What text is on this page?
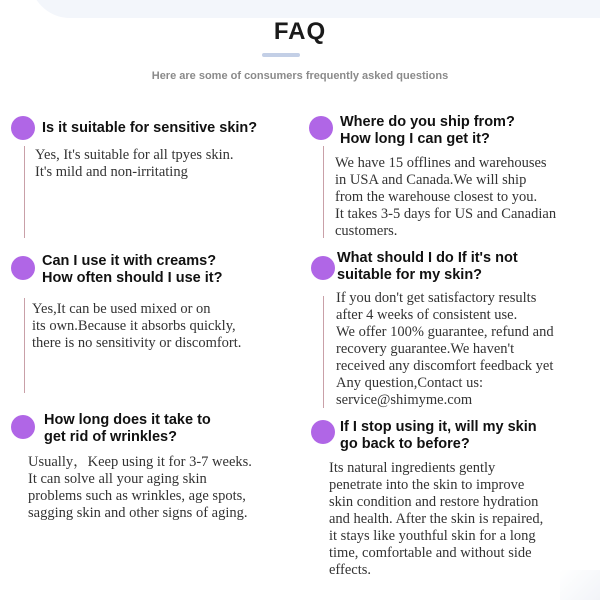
FAQ
Here are some of consumers frequently asked questions
Is it suitable for sensitive skin?
Yes, It's suitable for all tpyes skin.
It's mild and non-irritating
Where do you ship from?
How long I can get it?
We have 15 offlines and warehouses
in USA and Canada.We will ship
from the warehouse closest to you.
It takes 3-5 days for US and Canadian
customers.
Can I use it with creams?
How often should I use it?
Yes,It can be used mixed or on
its own.Because it absorbs quickly,
there is no sensitivity or discomfort.
What should I do If it's not
suitable for my skin?
If you don't get satisfactory results
after 4 weeks of consistent use.
We offer 100% guarantee, refund and
recovery guarantee.We haven't
received any discomfort feedback yet
Any question,Contact us:
service@shimyme.com
How long does it take to
get rid of wrinkles?
Usually，Keep using it for 3-7 weeks.
It can solve all your aging skin
problems such as wrinkles, age spots,
sagging skin and other signs of aging.
If I stop using it, will my skin
go back to before?
Its natural ingredients gently
penetrate into the skin to improve
skin condition and restore hydration
and health. After the skin is repaired,
it stays like youthful skin for a long
time, comfortable and without side
effects.
